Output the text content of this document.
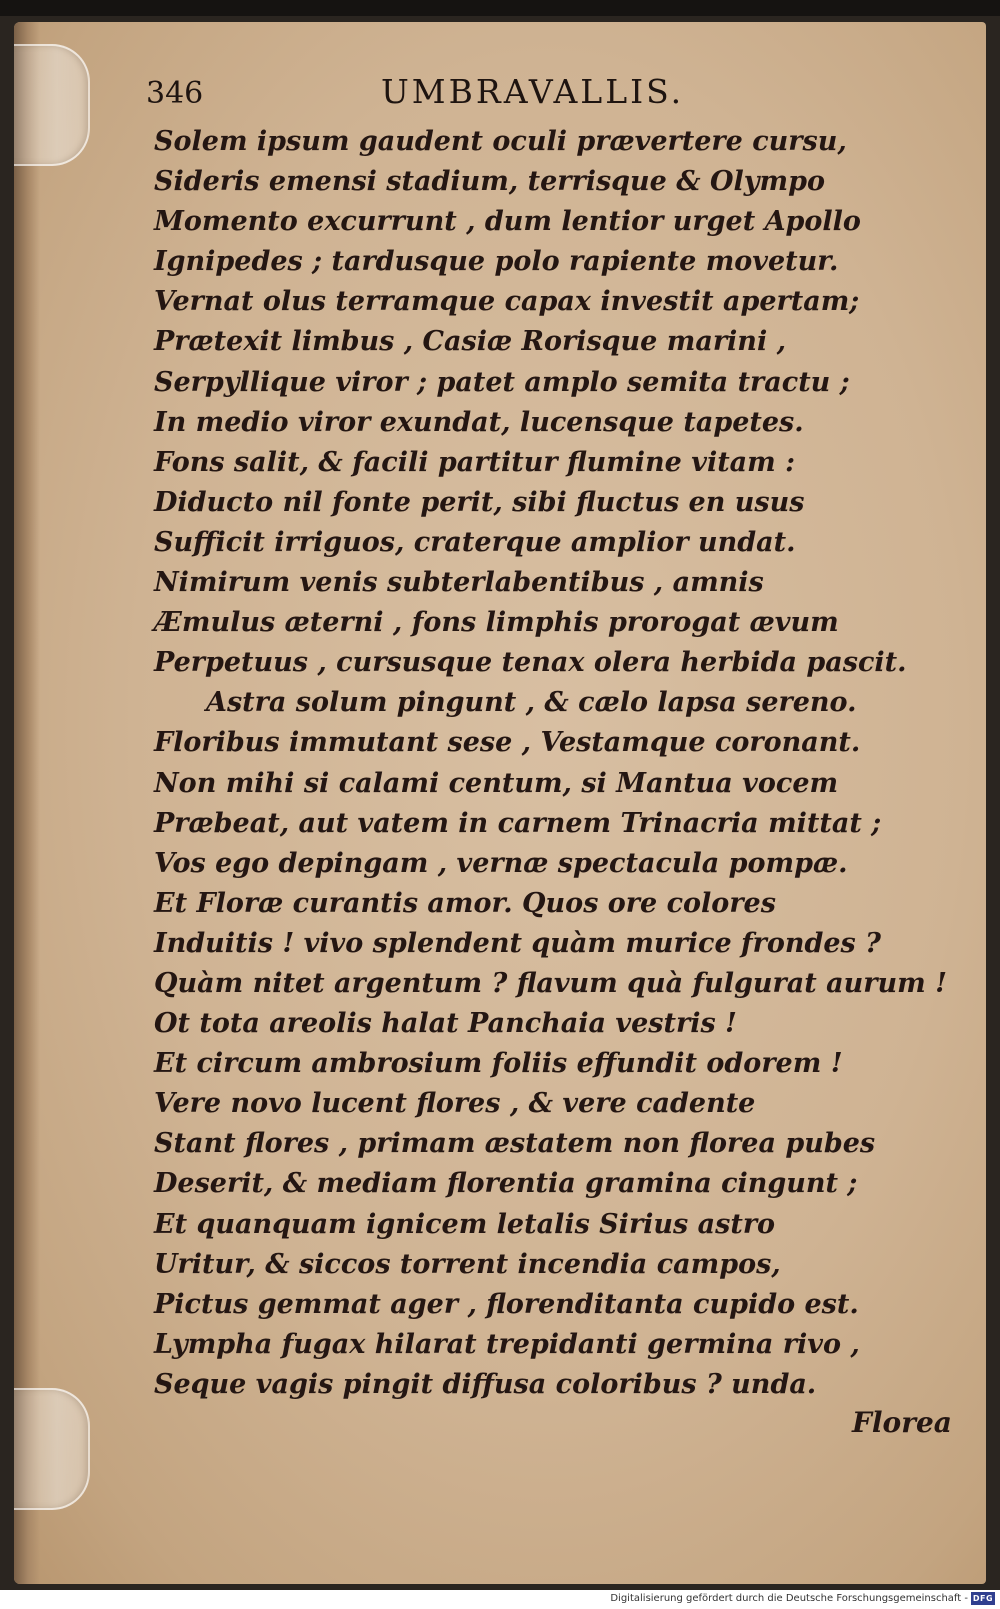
346	UMBRAVALLIS.
Solem ipsum gaudent oculi prævertere cursu,
Sideris emensi stadium, terrisque & Olympo
Momento excurrunt , dum lentior urget Apollo
Ignipedes ; tardusque polo rapiente movetur.
Vernat olus terramque capax investit apertam;
Prætexit limbus , Casiæ Rorisque marini ,
Serpyllique viror ; patet amplo semita tractu ;
In medio viror exundat, lucensque tapetes.
Fons salit, & facili partitur flumine vitam :
Diducto nil fonte perit, sibi fluctus en usus
Sufficit irriguos, craterque amplior undat.
Nimirum venis subterlabentibus , amnis
Æmulus æterni , fons limphis prorogat ævum
Perpetuus , cursusque tenax olera herbida pascit.
Astra solum pingunt , & cælo lapsa sereno.
Floribus immutant sese , Vestamque coronant.
Non mihi si calami centum, si Mantua vocem
Præbeat, aut vatem in carnem Trinacria mittat ;
Vos ego depingam , vernæ spectacula pompæ.
Et Floræ curantis amor. Quos ore colores
Induitis ! vivo splendent quàm murice frondes ?
Quàm nitet argentum ? flavum quà fulgurat aurum !
Ot tota areolis halat Panchaia vestris !
Et circum ambrosium foliis effundit odorem !
Vere novo lucent flores , & vere cadente
Stant flores , primam æstatem non florea pubes
Deserit, & mediam florentia gramina cingunt ;
Et quanquam ignicem letalis Sirius astro
Uritur, & siccos torrent incendia campos,
Pictus gemmat ager , florenditanta cupido est.
Lympha fugax hilarat trepidanti germina rivo ,
Seque vagis pingit diffusa coloribus ? unda.
Florea
Digitalisierung gefördert durch die Deutsche Forschungsgemeinschaft - DFG
